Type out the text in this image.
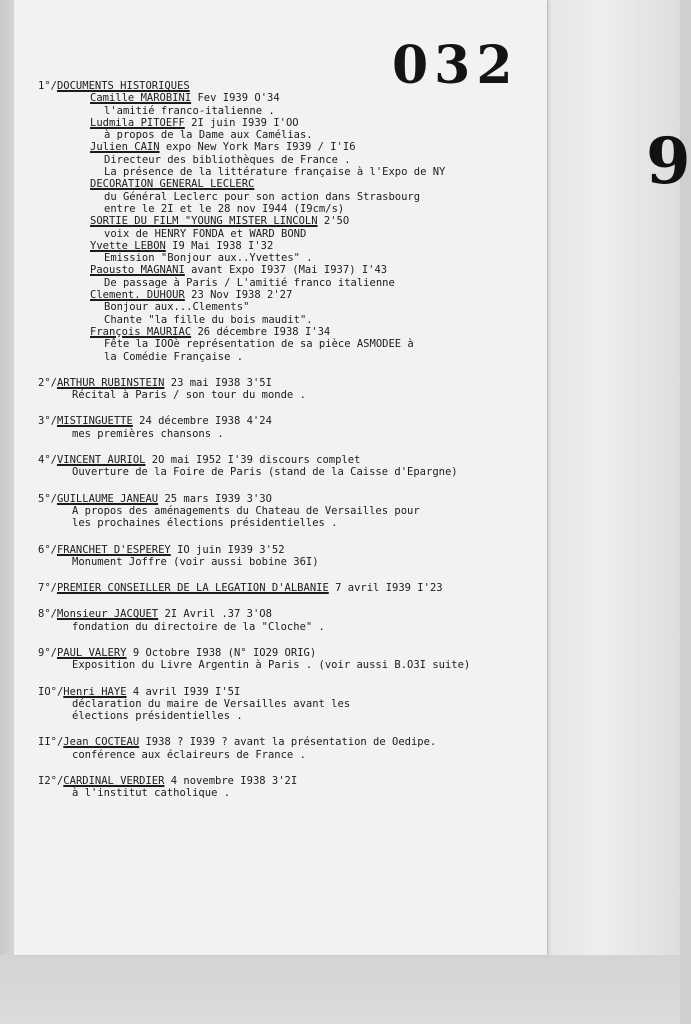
9
032
1°/DOCUMENTS HISTORIQUES
Camille MAROBINI Fev I939 O'34
l'amitié franco-italienne .
Ludmila PITOEFF 2I juin I939 I'OO
à propos de la Dame aux Camélias.
Julien CAIN expo New York Mars I939 / I'I6
Directeur des bibliothèques de France .
La présence de la littérature française à l'Expo de NY
DECORATION GENERAL LECLERC
du Général Leclerc pour son action dans Strasbourg
entre le 2I et le 28 nov I944 (I9cm/s)
SORTIE DU FILM "YOUNG MISTER LINCOLN 2'5O
voix de HENRY FONDA et WARD BOND
Yvette LEBON I9 Mai I938 I'32
Emission "Bonjour aux..Yvettes" .
Paousto MAGNANI avant Expo I937 (Mai I937) I'43
De passage à Paris / L'amitié franco italienne
Clement. DUHOUR 23 Nov I938 2'27
Bonjour aux...Clements"
Chante "la fille du bois maudit".
François MAURIAC 26 décembre I938 I'34
Fête la IOOè représentation de sa pièce ASMODEE à
la Comédie Française .
2°/ARTHUR RUBINSTEIN 23 mai I938 3'5I
Récital à Paris / son tour du monde .
3°/MISTINGUETTE 24 décembre I938 4'24
mes premières chansons .
4°/VINCENT AURIOL 2O mai I952 I'39 discours complet
Ouverture de la Foire de Paris (stand de la Caisse d'Epargne)
5°/GUILLAUME JANEAU 25 mars I939 3'3O
A propos des aménagements du Chateau de Versailles pour
les prochaines élections présidentielles .
6°/FRANCHET D'ESPEREY IO juin I939 3'52
Monument Joffre (voir aussi bobine 36I)
7°/PREMIER CONSEILLER DE LA LEGATION D'ALBANIE 7 avril I939 I'23
8°/Monsieur JACQUET 2I Avril .37 3'O8
fondation du directoire de la "Cloche" .
9°/PAUL VALERY 9 Octobre I938 (N° IO29 ORIG)
Exposition du Livre Argentin à Paris . (voir aussi B.O3I suite)
IO°/Henri HAYE 4 avril I939 I'5I
déclaration du maire de Versailles avant les
élections présidentielles .
II°/Jean COCTEAU I938 ? I939 ? avant la présentation de Oedipe.
conférence aux éclaireurs de France .
I2°/CARDINAL VERDIER 4 novembre I938 3'2I
à l'institut catholique .
